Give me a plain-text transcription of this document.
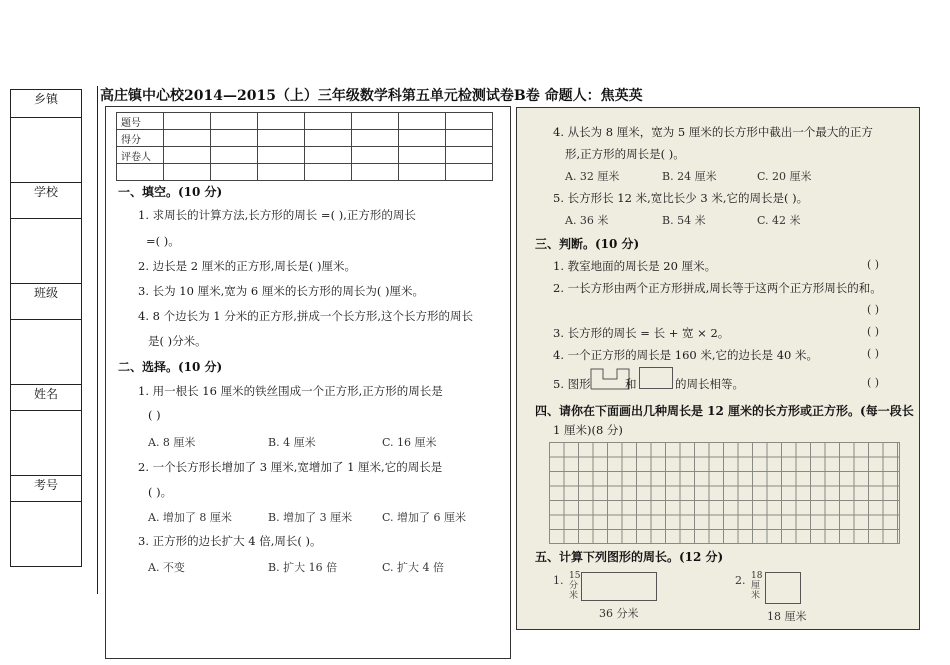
乡镇

学校

班级

姓名

考号

高庄镇中心校2014—2015（上）三年级数学科第五单元检测试卷B卷 命题人：焦英英
题号							
得分							
评卷人							

一、填空。(10 分)
1. 求周长的计算方法,长方形的周长 =( ),正方形的周长
=( )。
2. 边长是 2 厘米的正方形,周长是( )厘米。
3. 长为 10 厘米,宽为 6 厘米的长方形的周长为( )厘米。
4. 8 个边长为 1 分米的正方形,拼成一个长方形,这个长方形的周长
是( )分米。
二、选择。(10 分)
1. 用一根长 16 厘米的铁丝围成一个正方形,正方形的周长是
( )
A. 8 厘米	B. 4 厘米	C. 16 厘米
2. 一个长方形长增加了 3 厘米,宽增加了 1 厘米,它的周长是
( )。
A. 增加了 8 厘米	B. 增加了 3 厘米	C. 增加了 6 厘米
3. 正方形的边长扩大 4 倍,周长( )。
A. 不变	B. 扩大 16 倍	C. 扩大 4 倍
4. 从长为 8 厘米，宽为 5 厘米的长方形中截出一个最大的正方
形,正方形的周长是( )。
A. 32 厘米	B. 24 厘米	C. 20 厘米
5. 长方形长 12 米,宽比长少 3 米,它的周长是( )。
A. 36 米	B. 54 米	C. 42 米
三、判断。(10 分)
1. 教室地面的周长是 20 厘米。	( )
2. 一长方形由两个正方形拼成,周长等于这两个正方形周长的和。
( )
3. 长方形的周长 = 长 + 宽 × 2。	( )
4. 一个正方形的周长是 160 米,它的边长是 40 米。	( )
5. 图形	和	的周长相等。	( )
四、请你在下面画出几种周长是 12 厘米的长方形或正方形。(每一段长
1 厘米)(8 分)
五、计算下列图形的周长。(12 分)
1. 15
分
米
36 分米
2. 18
厘
米
18 厘米
